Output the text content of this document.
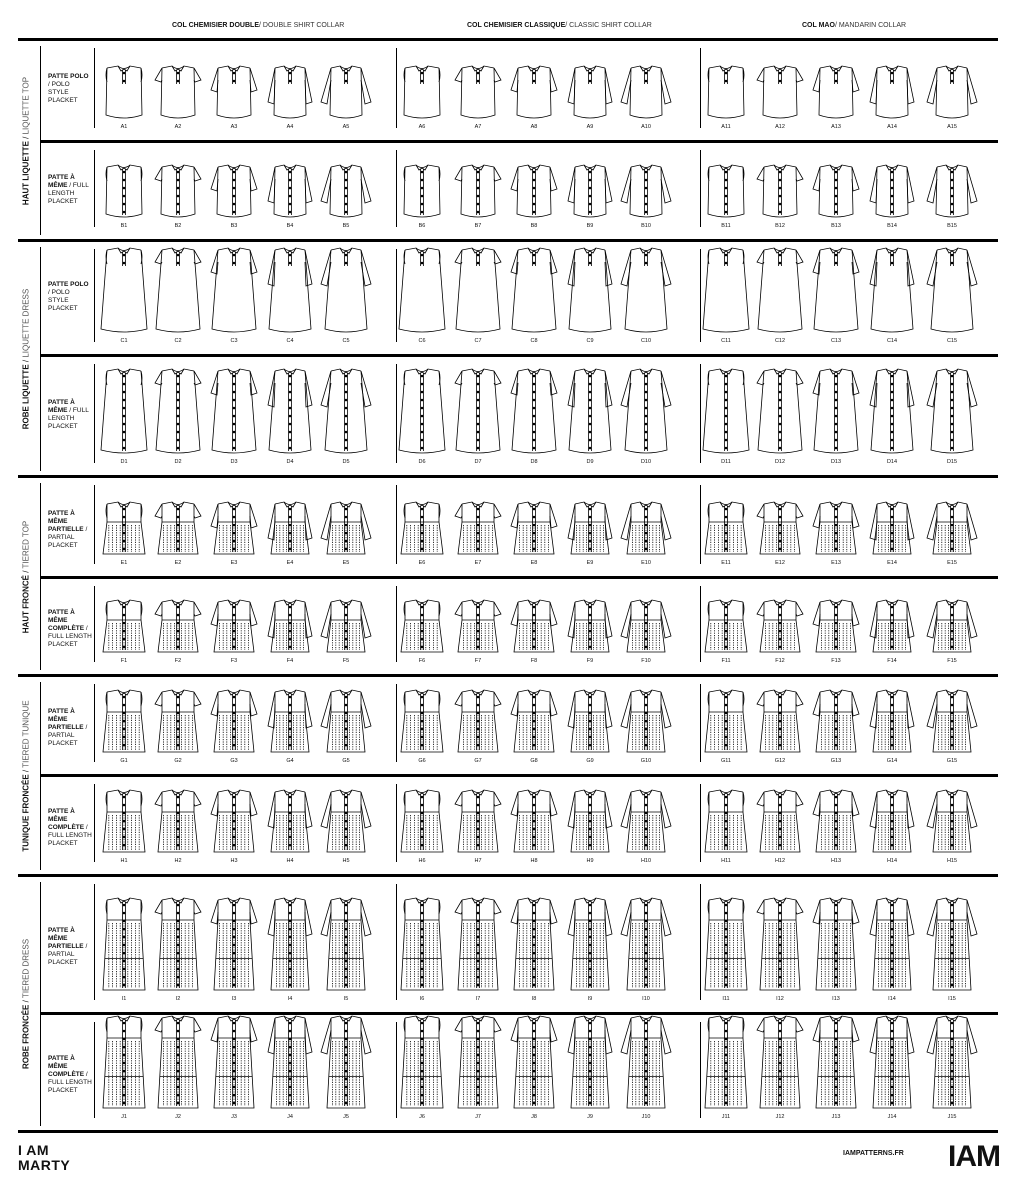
COL CHEMISIER DOUBLE/ DOUBLE SHIRT COLLAR	COL CHEMISIER CLASSIQUE/ CLASSIC SHIRT COLLAR	COL MAO/ MANDARIN COLLAR
I AM
MARTY
IAMPATTERNS.FR IAM
HAUT LIQUETTE / LIQUETTE TOP
ROBE LIQUETTE / LIQUETTE DRESS
HAUT FRONCÉ / TIERED TOP
TUNIQUE FRONCÉE / TIERED TUNIQUE
ROBE FRONCÉE / TIERED DRESS
PATTE POLO / POLO STYLE PLACKET
A1	A2	A3	A4	A5	A6	A7	A8	A9	A10	A11	A12	A13	A14	A15
PATTE À MÊME / FULL LENGTH PLACKET
B1	B2	B3	B4	B5	B6	B7	B8	B9	B10	B11	B12	B13	B14	B15
PATTE POLO / POLO STYLE PLACKET
C1	C2	C3	C4	C5	C6	C7	C8	C9	C10	C11	C12	C13	C14	C15
PATTE À MÊME / FULL LENGTH PLACKET
D1	D2	D3	D4	D5	D6	D7	D8	D9	D10	D11	D12	D13	D14	D15
PATTE À MÊME PARTIELLE / PARTIAL PLACKET
E1	E2	E3	E4	E5	E6	E7	E8	E9	E10	E11	E12	E13	E14	E15
PATTE À MÊME COMPLÈTE / FULL LENGTH PLACKET
F1	F2	F3	F4	F5	F6	F7	F8	F9	F10	F11	F12	F13	F14	F15
PATTE À MÊME PARTIELLE / PARTIAL PLACKET
G1	G2	G3	G4	G5	G6	G7	G8	G9	G10	G11	G12	G13	G14	G15
PATTE À MÊME COMPLÈTE / FULL LENGTH PLACKET
H1	H2	H3	H4	H5	H6	H7	H8	H9	H10	H11	H12	H13	H14	H15
PATTE À MÊME PARTIELLE / PARTIAL PLACKET
I1	I2	I3	I4	I5	I6	I7	I8	I9	I10	I11	I12	I13	I14	I15
PATTE À MÊME COMPLÈTE / FULL LENGTH PLACKET
J1	J2	J3	J4	J5	J6	J7	J8	J9	J10	J11	J12	J13	J14	J15
